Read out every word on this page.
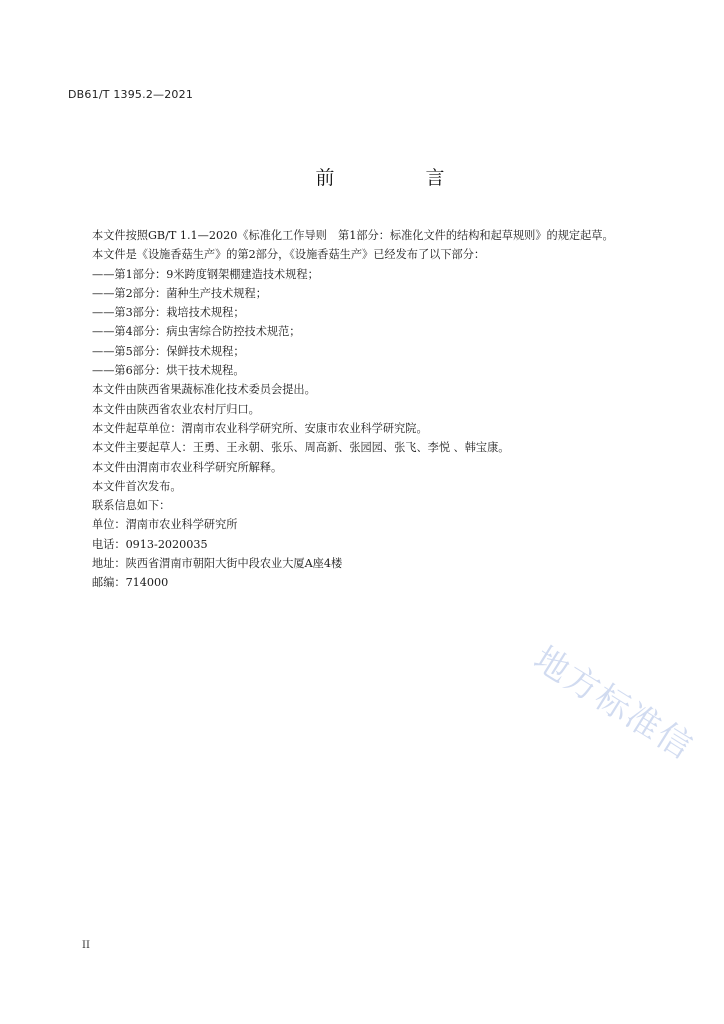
DB61/T 1395.2—2021
前　言

本文件按照GB/T 1.1—2020《标准化工作导则　第1部分：标准化文件的结构和起草规则》的规定起草。

本文件是《设施香菇生产》的第2部分，《设施香菇生产》已经发布了以下部分：

——第1部分：9米跨度钢架棚建造技术规程；

——第2部分：菌种生产技术规程；

——第3部分：栽培技术规程；

——第4部分：病虫害综合防控技术规范；

——第5部分：保鲜技术规程；

——第6部分：烘干技术规程。

本文件由陕西省果蔬标准化技术委员会提出。

本文件由陕西省农业农村厅归口。

本文件起草单位：渭南市农业科学研究所、安康市农业科学研究院。

本文件主要起草人：王勇、王永朝、张乐、周高新、张园园、张飞、李悦 、韩宝康。

本文件由渭南市农业科学研究所解释。

本文件首次发布。

联系信息如下：

单位：渭南市农业科学研究所

电话：0913-2020035

地址：陕西省渭南市朝阳大街中段农业大厦A座4楼

邮编：714000

地方标准信
II
